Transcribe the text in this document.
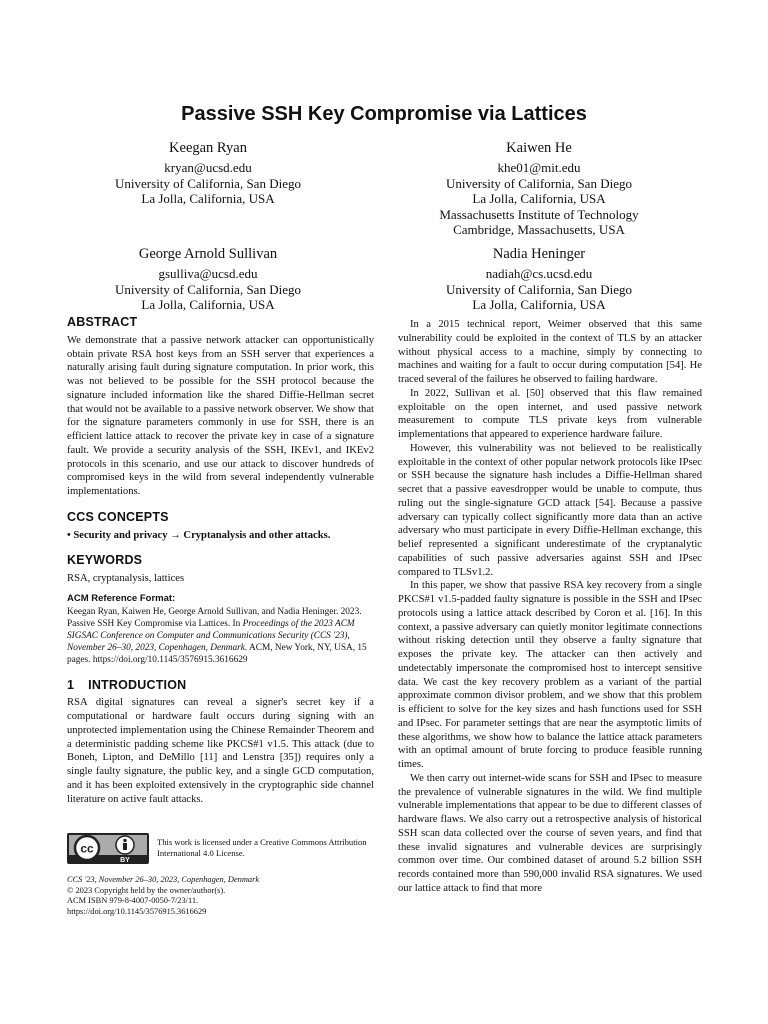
Passive SSH Key Compromise via Lattices
Keegan Ryan
kryan@ucsd.edu
University of California, San Diego
La Jolla, California, USA
Kaiwen He
khe01@mit.edu
University of California, San Diego
La Jolla, California, USA
Massachusetts Institute of Technology
Cambridge, Massachusetts, USA
George Arnold Sullivan
gsulliva@ucsd.edu
University of California, San Diego
La Jolla, California, USA
Nadia Heninger
nadiah@cs.ucsd.edu
University of California, San Diego
La Jolla, California, USA
ABSTRACT

We demonstrate that a passive network attacker can opportunistically obtain private RSA host keys from an SSH server that experiences a naturally arising fault during signature computation. In prior work, this was not believed to be possible for the SSH protocol because the signature included information like the shared Diffie-Hellman secret that would not be available to a passive network observer. We show that for the signature parameters commonly in use for SSH, there is an efficient lattice attack to recover the private key in case of a signature fault. We provide a security analysis of the SSH, IKEv1, and IKEv2 protocols in this scenario, and use our attack to discover hundreds of compromised keys in the wild from several independently vulnerable implementations.

CCS CONCEPTS

• Security and privacy → Cryptanalysis and other attacks.

KEYWORDS

RSA, cryptanalysis, lattices

ACM Reference Format:

Keegan Ryan, Kaiwen He, George Arnold Sullivan, and Nadia Heninger. 2023. Passive SSH Key Compromise via Lattices. In Proceedings of the 2023 ACM SIGSAC Conference on Computer and Communications Security (CCS '23), November 26–30, 2023, Copenhagen, Denmark. ACM, New York, NY, USA, 15 pages. https://doi.org/10.1145/3576915.3616629

1 INTRODUCTION

RSA digital signatures can reveal a signer's secret key if a computational or hardware fault occurs during signing with an unprotected implementation using the Chinese Remainder Theorem and a deterministic padding scheme like PKCS#1 v1.5. This attack (due to Boneh, Lipton, and DeMillo [11] and Lenstra [35]) requires only a single faulty signature, the public key, and a single GCD computation, and it has been exploited extensively in the cryptographic side channel literature on active fault attacks.

cc
BY
This work is licensed under a Creative Commons Attribution International 4.0 License.
CCS '23, November 26–30, 2023, Copenhagen, Denmark
© 2023 Copyright held by the owner/author(s).
ACM ISBN 979-8-4007-0050-7/23/11.
https://doi.org/10.1145/3576915.3616629

In a 2015 technical report, Weimer observed that this same vulnerability could be exploited in the context of TLS by an attacker without physical access to a machine, simply by connecting to machines and waiting for a fault to occur during computation [54]. He traced several of the failures he observed to failing hardware.

In 2022, Sullivan et al. [50] observed that this flaw remained exploitable on the open internet, and used passive network measurement to compute TLS private keys from vulnerable implementations that appeared to experience hardware failure.

However, this vulnerability was not believed to be realistically exploitable in the context of other popular network protocols like IPsec or SSH because the signature hash includes a Diffie-Hellman shared secret that a passive eavesdropper would be unable to compute, thus ruling out the single-signature GCD attack [54]. Because a passive adversary can typically collect significantly more data than an active adversary who must participate in every Diffie-Hellman exchange, this belief represented a significant underestimate of the cryptanalytic capabilities of such passive adversaries against SSH and IPsec compared to TLSv1.2.

In this paper, we show that passive RSA key recovery from a single PKCS#1 v1.5-padded faulty signature is possible in the SSH and IPsec protocols using a lattice attack described by Coron et al. [16]. In this context, a passive adversary can quietly monitor legitimate connections without risking detection until they observe a faulty signature that exposes the private key. The attacker can then actively and undetectably impersonate the compromised host to intercept sensitive data. We cast the key recovery problem as a variant of the partial approximate common divisor problem, and we show that this problem is efficient to solve for the key sizes and hash functions used for SSH and IPsec. For parameter settings that are near the asymptotic limits of these algorithms, we show how to balance the lattice attack parameters with an optimal amount of brute forcing to produce feasible running times.

We then carry out internet-wide scans for SSH and IPsec to measure the prevalence of vulnerable signatures in the wild. We find multiple vulnerable implementations that appear to be due to different classes of hardware flaws. We also carry out a retrospective analysis of historical SSH scan data collected over the course of seven years, and find that these invalid signatures and vulnerable devices are surprisingly common over time. Our combined dataset of around 5.2 billion SSH records contained more than 590,000 invalid RSA signatures. We used our lattice attack to find that more
